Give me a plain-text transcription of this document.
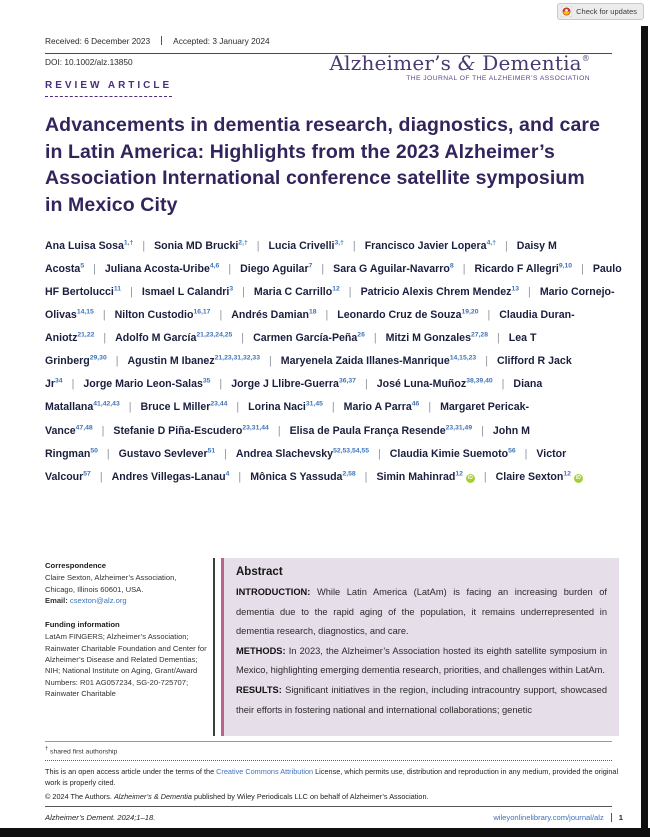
Check for updates
Received: 6 December 2023	Accepted: 3 January 2024
DOI: 10.1002/alz.13850	Alzheimer’s & Dementia®
THE JOURNAL OF THE ALZHEIMER’S ASSOCIATION
REVIEW ARTICLE
Advancements in dementia research, diagnostics, and care in Latin America: Highlights from the 2023 Alzheimer’s Association International conference satellite symposium in Mexico City
Ana Luisa Sosa$^{1,\dagger}$ | Sonia MD Brucki$^{2,\dagger}$ | Lucia Crivelli$^{3,\dagger}$ | Francisco Javier Lopera$^{4,\dagger}$ | Daisy M Acosta$^5$ | Juliana Acosta-Uribe$^{4,6}$ | Diego Aguilar$^7$ | Sara G Aguilar-Navarro$^8$ | Ricardo F Allegri$^{9,10}$ | Paulo HF Bertolucci$^{11}$ | Ismael L Calandri$^3$ | Maria C Carrillo$^{12}$ | Patricio Alexis Chrem Mendez$^{13}$ | Mario Cornejo-Olivas$^{14,15}$ | Nilton Custodio$^{16,17}$ | Andrés Damian$^{18}$ | Leonardo Cruz de Souza$^{19,20}$ | Claudia Duran-Aniotz$^{21,22}$ | Adolfo M García$^{21,23,24,25}$ | Carmen García-Peña$^{26}$ | Mitzi M Gonzales$^{27,28}$ | Lea T Grinberg$^{29,30}$ | Agustin M Ibanez$^{21,23,31,32,33}$ | Maryenela Zaida Illanes-Manrique$^{14,15,23}$ | Clifford R Jack Jr$^{34}$ | Jorge Mario Leon-Salas$^{35}$ | Jorge J Llibre-Guerra$^{36,37}$ | José Luna-Muñoz$^{38,39,40}$ | Diana Matallana$^{41,42,43}$ | Bruce L Miller$^{23,44}$ | Lorina Naci$^{31,45}$ | Mario A Parra$^{46}$ | Margaret Pericak-Vance$^{47,48}$ | Stefanie D Piña-Escudero$^{23,31,44}$ | Elisa de Paula França Resende$^{23,31,49}$ | John M Ringman$^{50}$ | Gustavo Sevlever$^{51}$ | Andrea Slachevsky$^{52,53,54,55}$ | Claudia Kimie Suemoto$^{56}$ | Victor Valcour$^{57}$ | Andres Villegas-Lanau$^4$ | Mônica S Yassuda$^{2,58}$ | Simin Mahinrad$^{12}$iD | Claire Sexton$^{12}$iD
Correspondence
Claire Sexton, Alzheimer’s Association,
Chicago, Illinois 60601, USA.
Email: csexton@alz.org
Funding information
LatAm FINGERS; Alzheimer’s Association; Rainwater Charitable Foundation and Center for Alzheimer’s Disease and Related Dementias; NIH; National Institute on Aging, Grant/Award Numbers: R01 AG057234, SG-20-725707; Rainwater Charitable
Abstract

INTRODUCTION: While Latin America (LatAm) is facing an increasing burden of dementia due to the rapid aging of the population, it remains underrepresented in dementia research, diagnostics, and care.

METHODS: In 2023, the Alzheimer’s Association hosted its eighth satellite symposium in Mexico, highlighting emerging dementia research, priorities, and challenges within LatAm.

RESULTS: Significant initiatives in the region, including intracountry support, showcased their efforts in fostering national and international collaborations; genetic

† shared first authorship
This is an open access article under the terms of the Creative Commons Attribution License, which permits use, distribution and reproduction in any medium, provided the original work is properly cited.
© 2024 The Authors. Alzheimer’s & Dementia published by Wiley Periodicals LLC on behalf of Alzheimer’s Association.
Alzheimer’s Dement. 2024;1–18.	wileyonlinelibrary.com/journal/alz 1
